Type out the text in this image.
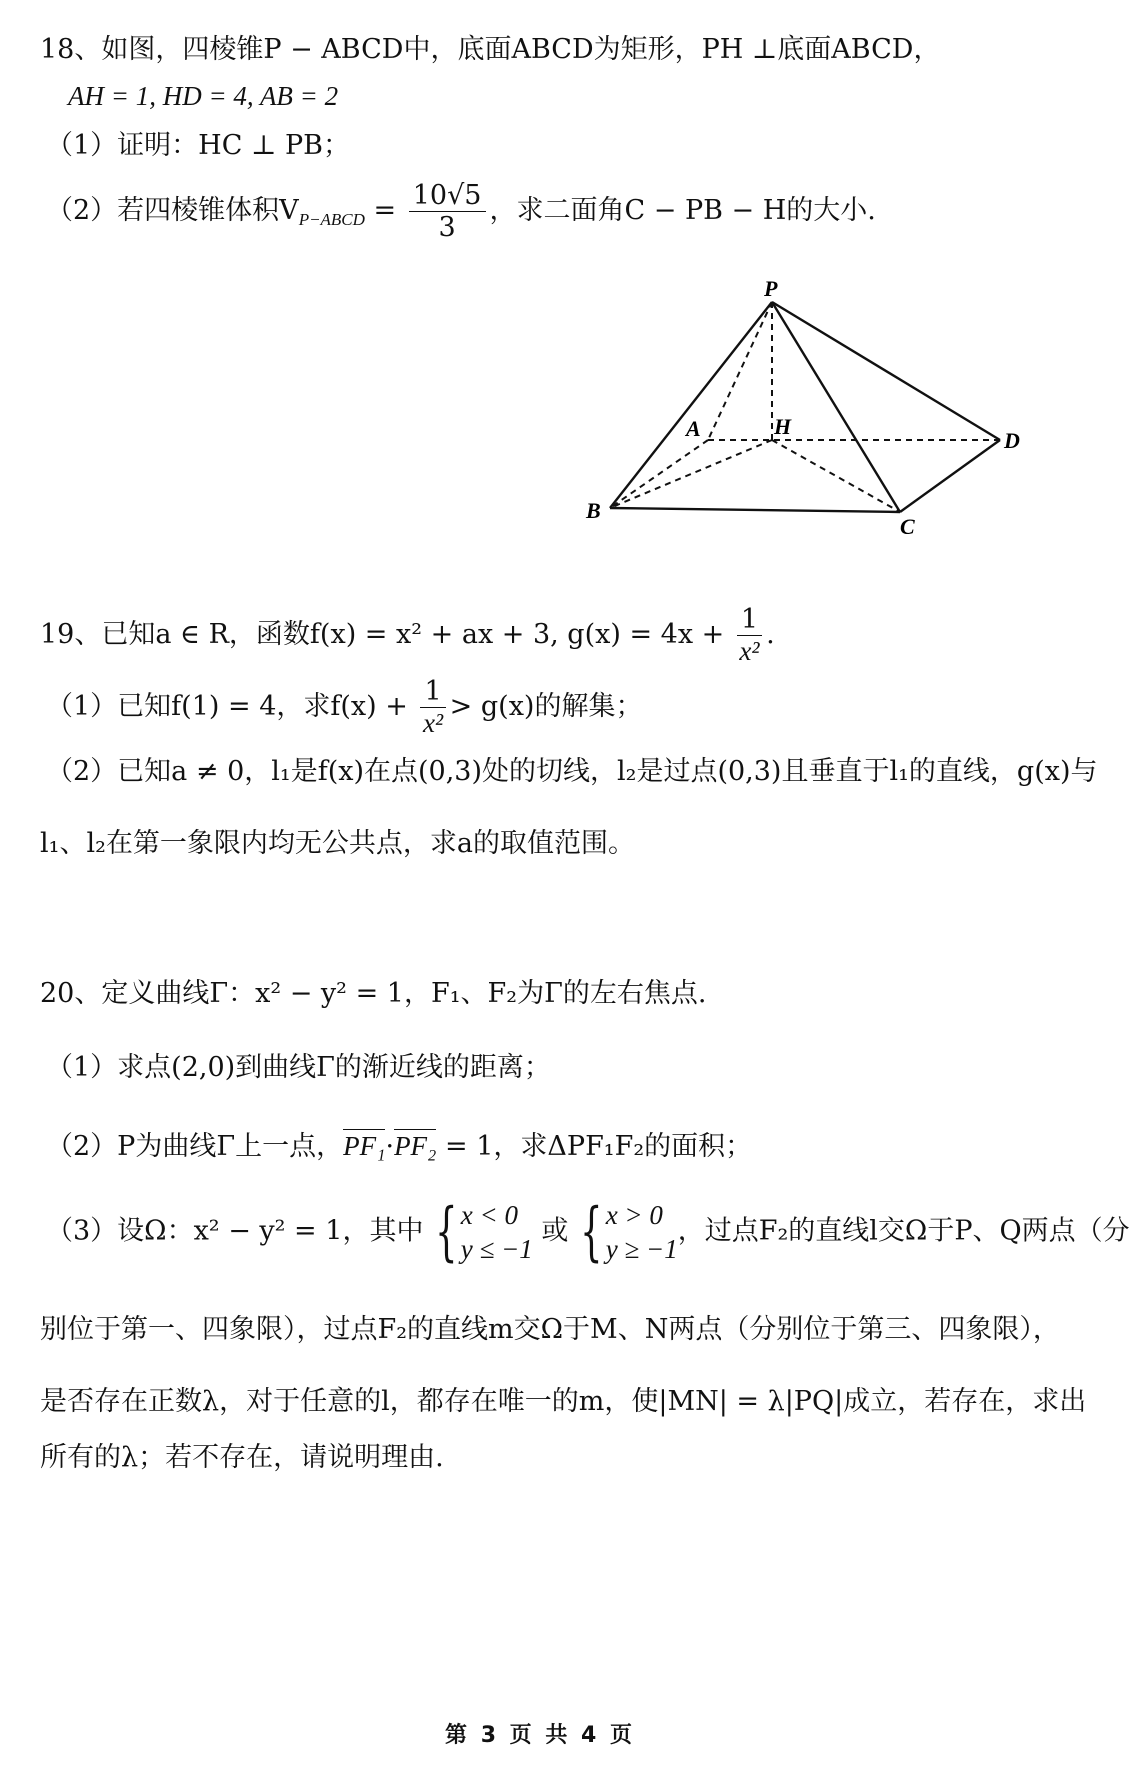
18、如图，四棱锥P − ABCD中，底面ABCD为矩形，PH ⊥底面ABCD，
AH = 1, HD = 4, AB = 2
（1）证明：HC ⊥ PB；
（2）若四棱锥体积$V_{P-ABCD} = \frac{10√5}{3}$ ，求二面角C − PB − H的大小.
P
A	H
D
B
C
19、已知a ∈ R，函数f(x) = x² + ax + 3, $g(x) = 4x + \frac{1}{\text{x²}}$ .
（1）已知f(1) = 4，求$f(x) + \frac{1}{\text{x²}} > g(x)$的解集；
（2）已知a ≠ 0，l₁是f(x)在点(0,3)处的切线，l₂是过点(0,3)且垂直于l₁的直线，g(x)与
l₁、l₂在第一象限内均无公共点，求a的取值范围。
20、定义曲线Γ：x² − y² = 1，F₁、F₂为Γ的左右焦点.
（1）求点(2,0)到曲线Γ的渐近线的距离；
（2）P为曲线Γ上一点，PF₁·PF₂ = 1，求ΔPF₁F₂的面积；
（3）设Ω：x² − y² = 1，其中 { x < 0
y ≤ −1
或 { x > 0
y ≥ −1
，过点F₂的直线l交Ω于P、Q两点（分
别位于第一、四象限），过点F₂的直线m交Ω于M、N两点（分别位于第三、四象限），
是否存在正数λ，对于任意的l，都存在唯一的m，使|MN| = λ|PQ|成立，若存在，求出
所有的λ；若不存在，请说明理由.
第 3 页 共 4 页
